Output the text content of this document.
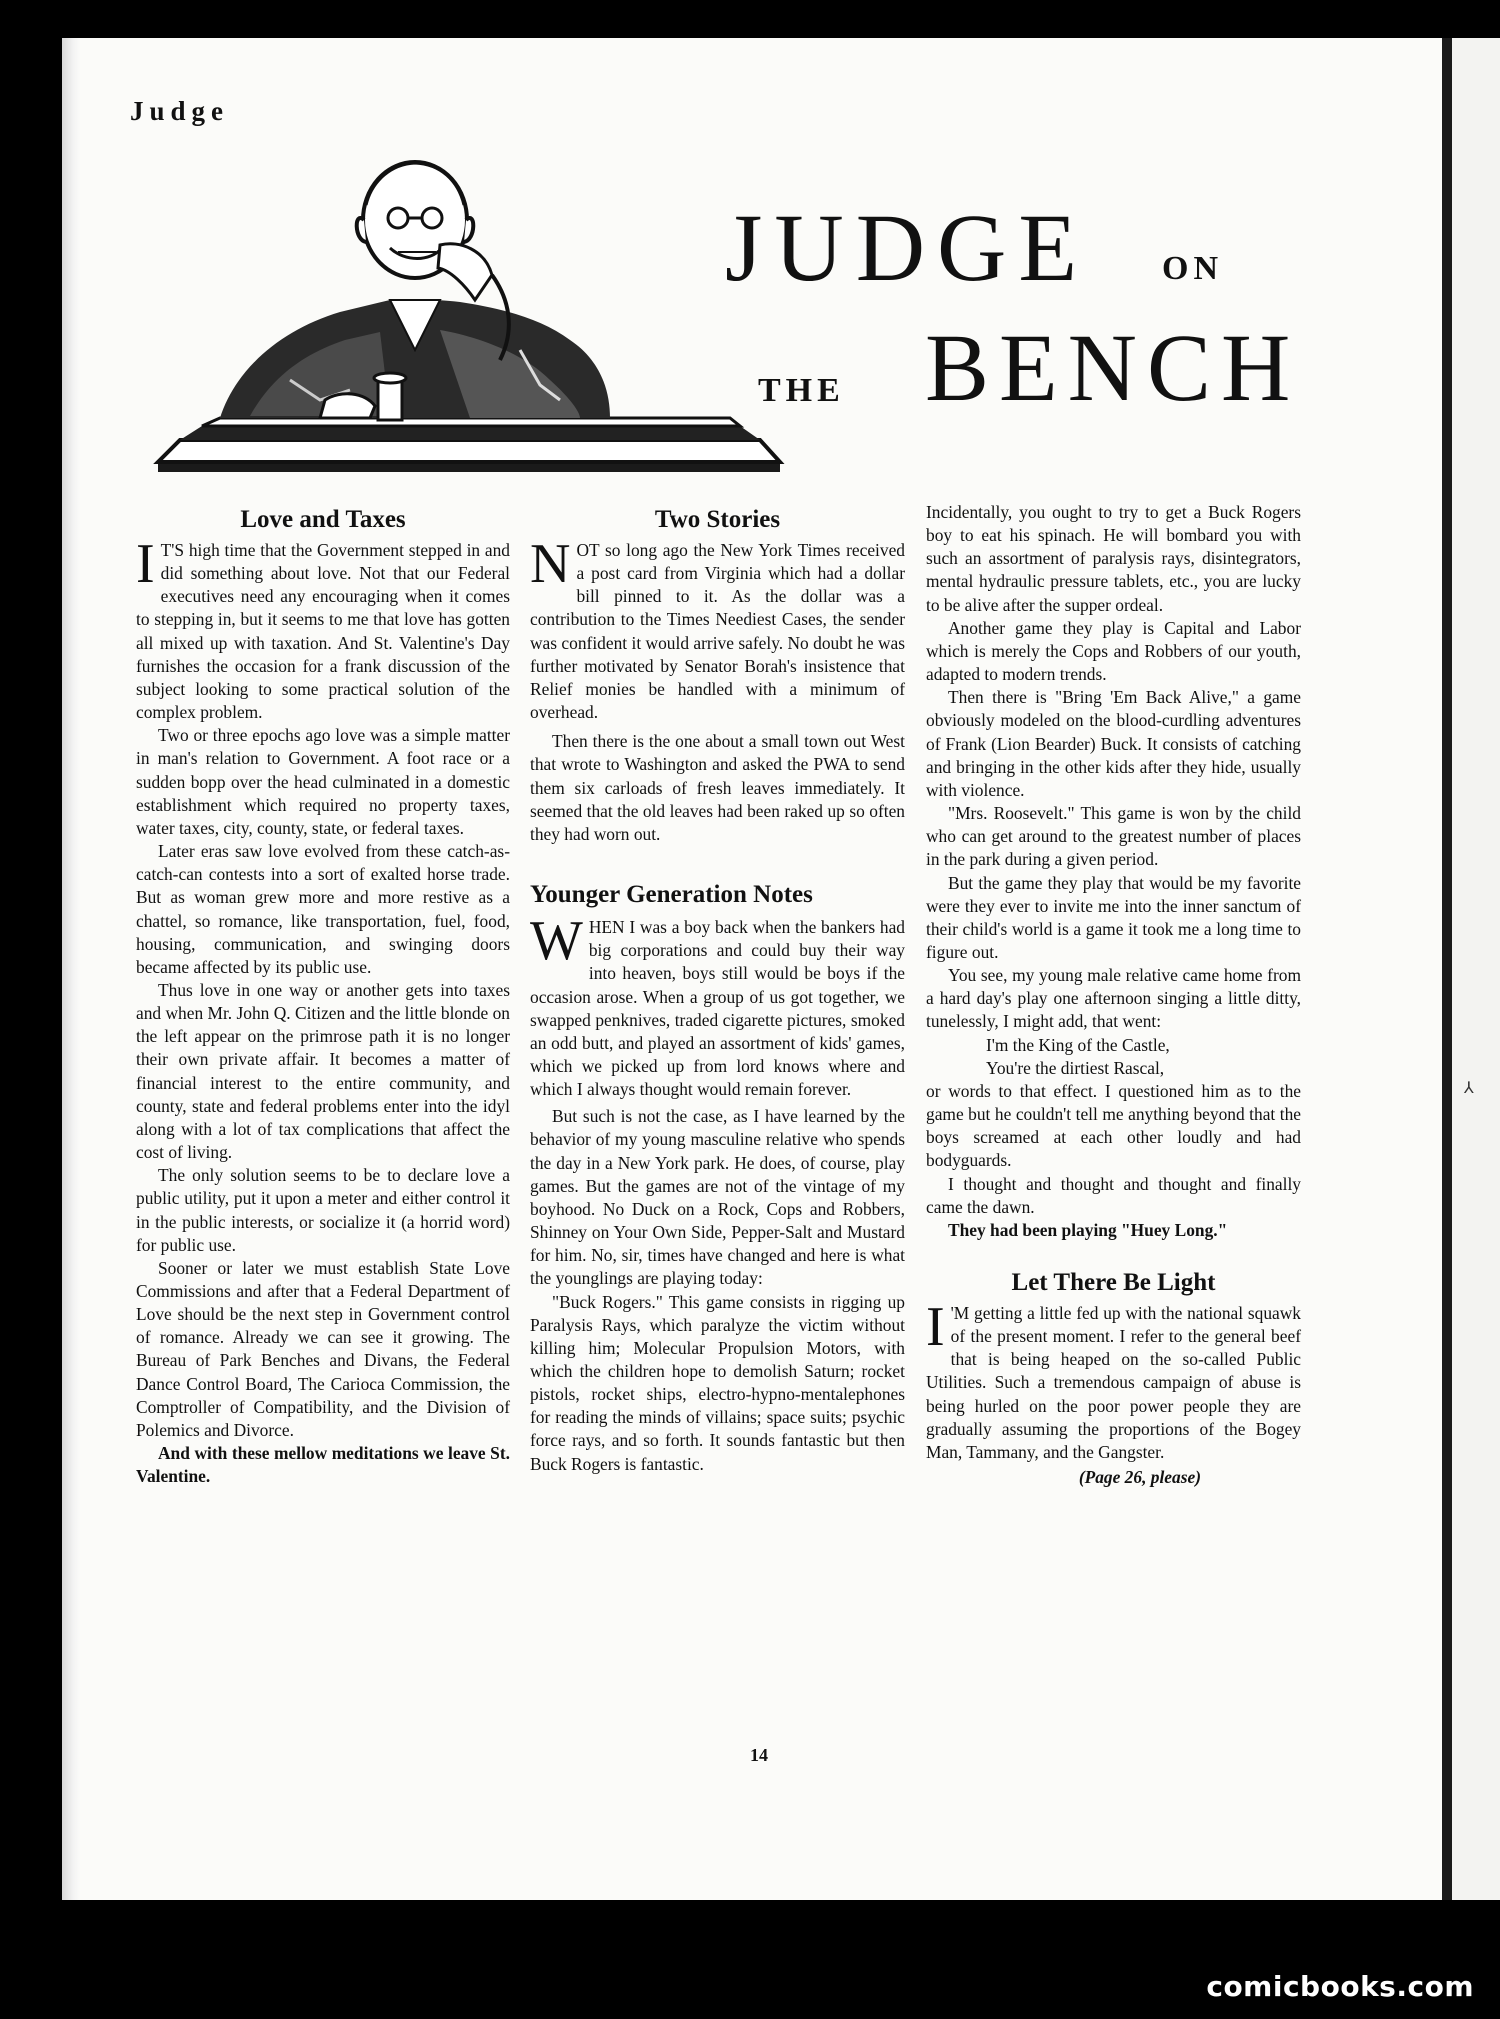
⅄
Judge
JUDGE ON
THE BENCH
Love and Taxes

I T'S high time that the Government stepped in and did something about love. Not that our Federal executives need any encouraging when it comes to stepping in, but it seems to me that love has gotten all mixed up with taxation. And St. Valentine's Day furnishes the occasion for a frank discussion of the subject looking to some practical solution of the complex problem.

Two or three epochs ago love was a simple matter in man's relation to Government. A foot race or a sudden bopp over the head culminated in a domestic establishment which required no property taxes, water taxes, city, county, state, or federal taxes.

Later eras saw love evolved from these catch-as-catch-can contests into a sort of exalted horse trade. But as woman grew more and more restive as a chattel, so romance, like transportation, fuel, food, housing, communication, and swinging doors became affected by its public use.

Thus love in one way or another gets into taxes and when Mr. John Q. Citizen and the little blonde on the left appear on the primrose path it is no longer their own private affair. It becomes a matter of financial interest to the entire community, and county, state and federal problems enter into the idyl along with a lot of tax complications that affect the cost of living.

The only solution seems to be to declare love a public utility, put it upon a meter and either control it in the public interests, or socialize it (a horrid word) for public use.

Sooner or later we must establish State Love Commissions and after that a Federal Department of Love should be the next step in Government control of romance. Already we can see it growing. The Bureau of Park Benches and Divans, the Federal Dance Control Board, The Carioca Commission, the Comptroller of Compatibility, and the Division of Polemics and Divorce.

And with these mellow meditations we leave St. Valentine.

Two Stories

NOT so long ago the New York Times received a post card from Virginia which had a dollar bill pinned to it. As the dollar was a contribution to the Times Neediest Cases, the sender was confident it would arrive safely. No doubt he was further motivated by Senator Borah's insistence that Relief monies be handled with a minimum of overhead.

Then there is the one about a small town out West that wrote to Washington and asked the PWA to send them six carloads of fresh leaves immediately. It seemed that the old leaves had been raked up so often they had worn out.

Younger Generation Notes

WHEN I was a boy back when the bankers had big corporations and could buy their way into heaven, boys still would be boys if the occasion arose. When a group of us got together, we swapped penknives, traded cigarette pictures, smoked an odd butt, and played an assortment of kids' games, which we picked up from lord knows where and which I always thought would remain forever.

But such is not the case, as I have learned by the behavior of my young masculine relative who spends the day in a New York park. He does, of course, play games. But the games are not of the vintage of my boyhood. No Duck on a Rock, Cops and Robbers, Shinney on Your Own Side, Pepper-Salt and Mustard for him. No, sir, times have changed and here is what the younglings are playing today:

"Buck Rogers." This game consists in rigging up Paralysis Rays, which paralyze the victim without killing him; Molecular Propulsion Motors, with which the children hope to demolish Saturn; rocket pistols, rocket ships, electro-hypno-mentalephones for reading the minds of villains; space suits; psychic force rays, and so forth. It sounds fantastic but then Buck Rogers is fantastic.

Incidentally, you ought to try to get a Buck Rogers boy to eat his spinach. He will bombard you with such an assortment of paralysis rays, disintegrators, mental hydraulic pressure tablets, etc., you are lucky to be alive after the supper ordeal.

Another game they play is Capital and Labor which is merely the Cops and Robbers of our youth, adapted to modern trends.

Then there is "Bring 'Em Back Alive," a game obviously modeled on the blood-curdling adventures of Frank (Lion Bearder) Buck. It consists of catching and bringing in the other kids after they hide, usually with violence.

"Mrs. Roosevelt." This game is won by the child who can get around to the greatest number of places in the park during a given period.

But the game they play that would be my favorite were they ever to invite me into the inner sanctum of their child's world is a game it took me a long time to figure out.

You see, my young male relative came home from a hard day's play one afternoon singing a little ditty, tunelessly, I might add, that went:

I'm the King of the Castle,

You're the dirtiest Rascal,

or words to that effect. I questioned him as to the game but he couldn't tell me anything beyond that the boys screamed at each other loudly and had bodyguards.

I thought and thought and thought and finally came the dawn.

They had been playing "Huey Long."

Let There Be Light

I 'M getting a little fed up with the national squawk of the present moment. I refer to the general beef that is being heaped on the so-called Public Utilities. Such a tremendous campaign of abuse is being hurled on the poor power people they are gradually assuming the proportions of the Bogey Man, Tammany, and the Gangster.

(Page 26, please)

14
comicbooks.com
